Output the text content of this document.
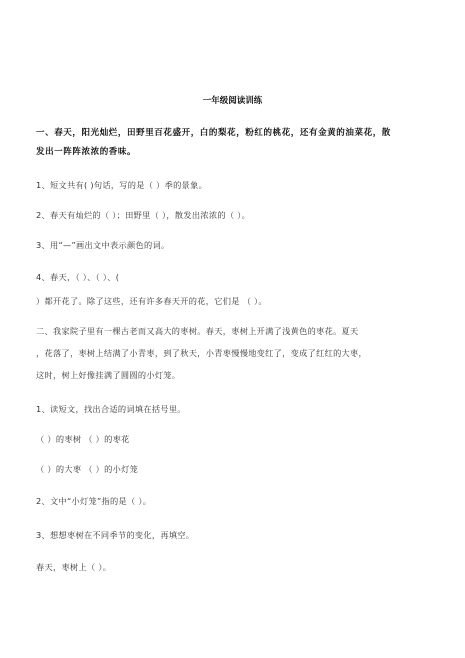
一年级阅读训练
一、春天，阳光灿烂，田野里百花盛开，白的梨花，粉红的桃花，还有金黄的油菜花，散
发出一阵阵浓浓的香味。
1、短文共有( )句话，写的是（ ）季的景象。
2、春天有灿烂的（ ）；田野里（ ），散发出浓浓的（ ）。
3、用“—”画出文中表示颜色的词。
4、春天，（ ）、（ ）、(
）都开花了。除了这些，还有许多春天开的花，它们是 （ ）。
二、我家院子里有一棵古老而又高大的枣树。春天，枣树上开满了浅黄色的枣花。夏天
，花落了，枣树上结满了小青枣，到了秋天，小青枣慢慢地变红了，变成了红红的大枣，
这时，树上好像挂满了圆圆的小灯笼。
1、读短文，找出合适的词填在括号里。
（ ）的枣树 （ ）的枣花
（ ）的大枣 （ ）的小灯笼
2、文中“小灯笼”指的是（ ）。
3、想想枣树在不同季节的变化，再填空。
春天，枣树上（ ）。
